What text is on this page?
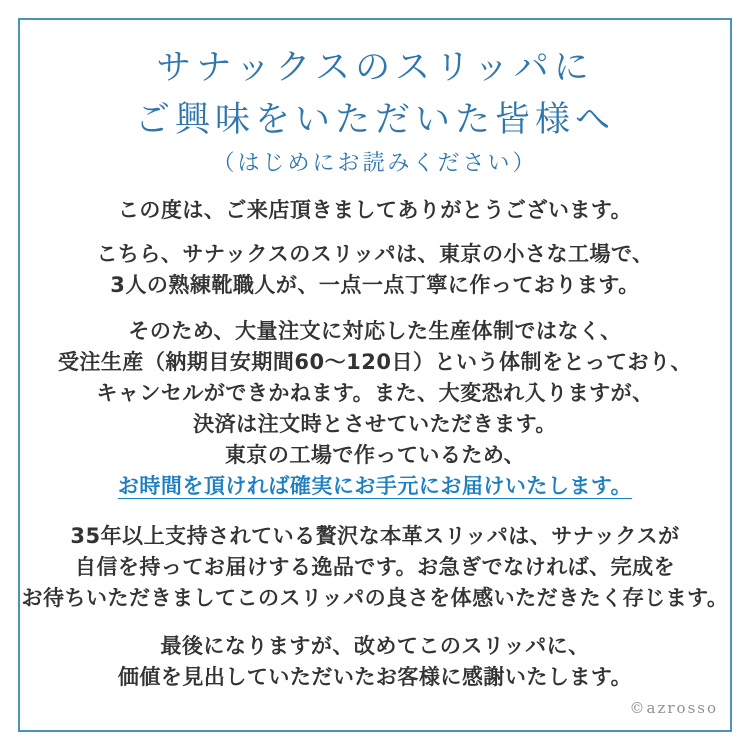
サナックスのスリッパに
ご興味をいただいた皆様へ
（はじめにお読みください）

この度は、ご来店頂きましてありがとうございます。

こちら、サナックスのスリッパは、東京の小さな工場で、
3人の熟練靴職人が、一点一点丁寧に作っております。

そのため、大量注文に対応した生産体制ではなく、
受注生産（納期目安期間60〜120日）という体制をとっており、
キャンセルができかねます。また、大変恐れ入りますが、
決済は注文時とさせていただきます。
東京の工場で作っているため、
お時間を頂ければ確実にお手元にお届けいたします。

35年以上支持されている贅沢な本革スリッパは、サナックスが
自信を持ってお届けする逸品です。お急ぎでなければ、完成を
お待ちいただきましてこのスリッパの良さを体感いただきたく存じます。

最後になりますが、改めてこのスリッパに、
価値を見出していただいたお客様に感謝いたします。

©azrosso
